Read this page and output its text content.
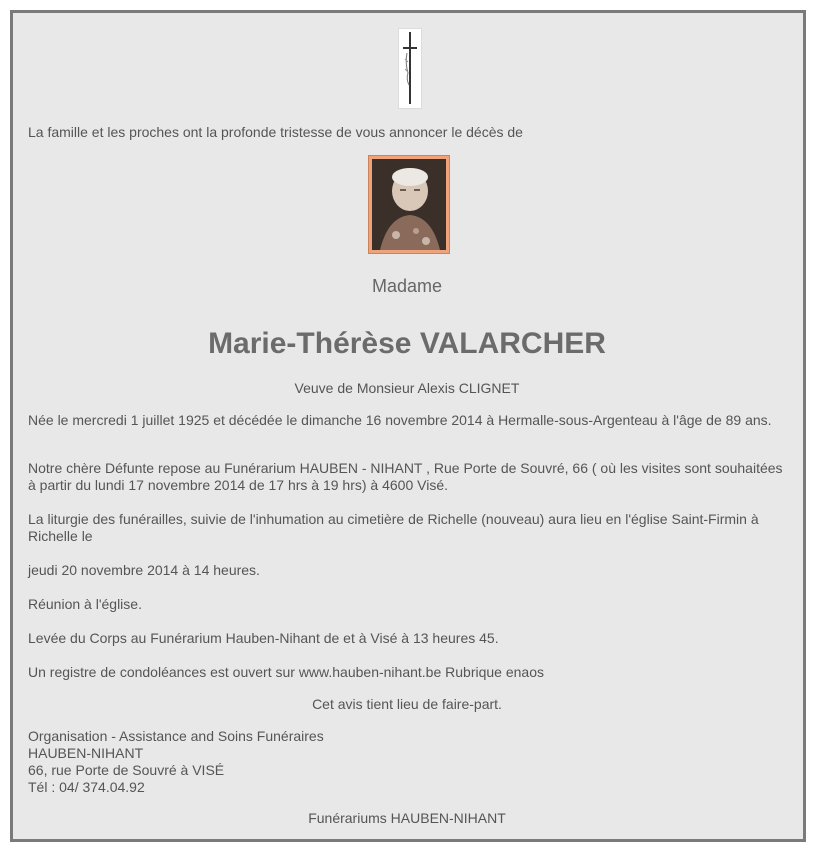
La famille et les proches ont la profonde tristesse de vous annoncer le décès de
Madame
Marie-Thérèse VALARCHER
Veuve de Monsieur Alexis CLIGNET
Née le mercredi 1 juillet 1925 et décédée le dimanche 16 novembre 2014 à Hermalle-sous-Argenteau à l'âge de 89 ans.
Notre chère Défunte repose au Funérarium HAUBEN - NIHANT , Rue Porte de Souvré, 66 ( où les visites sont souhaitées à partir du lundi 17 novembre 2014 de 17 hrs à 19 hrs) à 4600 Visé.
La liturgie des funérailles, suivie de l'inhumation au cimetière de Richelle (nouveau) aura lieu en l'église Saint-Firmin à Richelle le
jeudi 20 novembre 2014 à 14 heures.
Réunion à l'église.
Levée du Corps au Funérarium Hauben-Nihant de et à Visé à 13 heures 45.
Un registre de condoléances est ouvert sur www.hauben-nihant.be Rubrique enaos
Cet avis tient lieu de faire-part.
Organisation - Assistance and Soins Funéraires
HAUBEN-NIHANT
66, rue Porte de Souvré à VISÉ
Tél : 04/ 374.04.92
Funérariums HAUBEN-NIHANT
